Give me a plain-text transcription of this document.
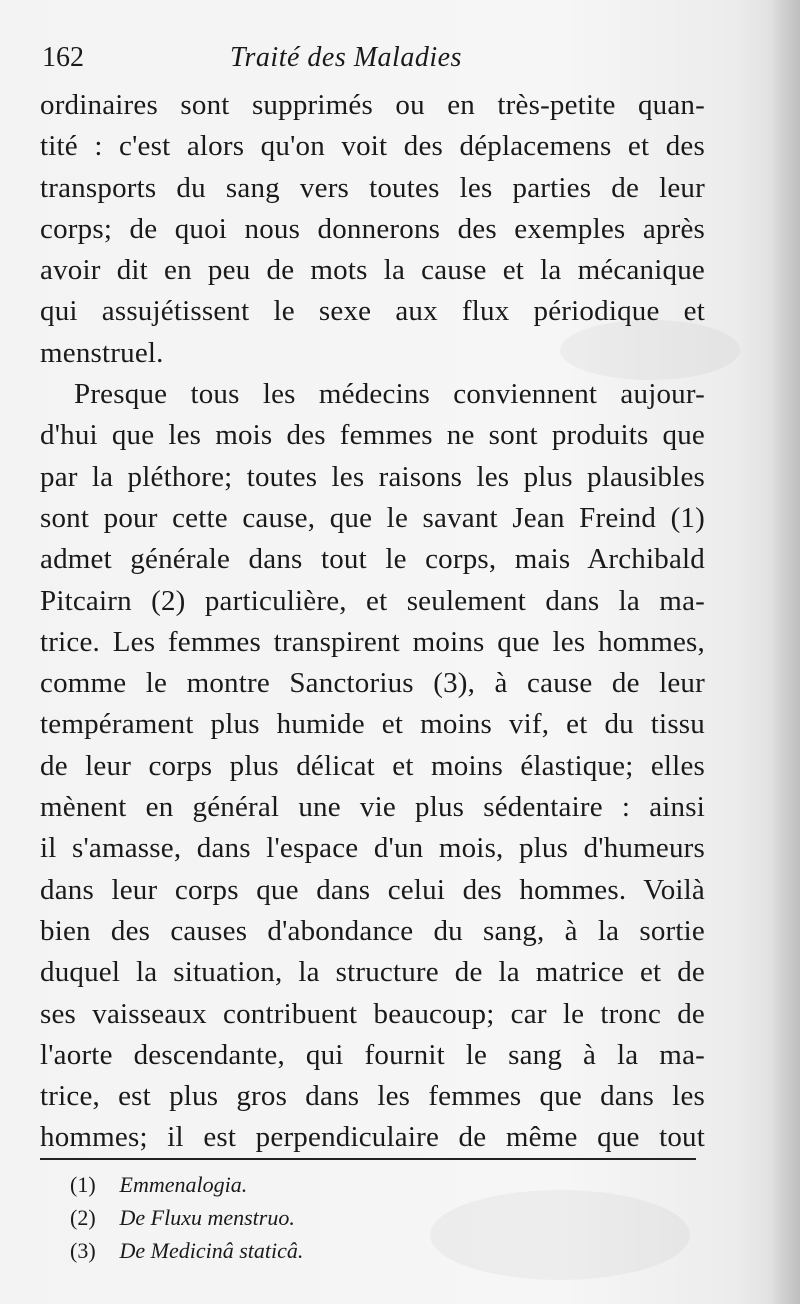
162	Traité des Maladies
ordinaires sont supprimés ou en très-petite quan-
tité : c'est alors qu'on voit des déplacemens et des
transports du sang vers toutes les parties de leur
corps; de quoi nous donnerons des exemples après
avoir dit en peu de mots la cause et la mécanique
qui assujétissent le sexe aux flux périodique et
menstruel.
Presque tous les médecins conviennent aujour-
d'hui que les mois des femmes ne sont produits que
par la pléthore; toutes les raisons les plus plausibles
sont pour cette cause, que le savant Jean Freind (1)
admet générale dans tout le corps, mais Archibald
Pitcairn (2) particulière, et seulement dans la ma-
trice. Les femmes transpirent moins que les hommes,
comme le montre Sanctorius (3), à cause de leur
tempérament plus humide et moins vif, et du tissu
de leur corps plus délicat et moins élastique; elles
mènent en général une vie plus sédentaire : ainsi
il s'amasse, dans l'espace d'un mois, plus d'humeurs
dans leur corps que dans celui des hommes. Voilà
bien des causes d'abondance du sang, à la sortie
duquel la situation, la structure de la matrice et de
ses vaisseaux contribuent beaucoup; car le tronc de
l'aorte descendante, qui fournit le sang à la ma-
trice, est plus gros dans les femmes que dans les
hommes; il est perpendiculaire de même que tout
(1) Emmenalogia.
(2) De Fluxu menstruo.
(3) De Medicinâ staticâ.
